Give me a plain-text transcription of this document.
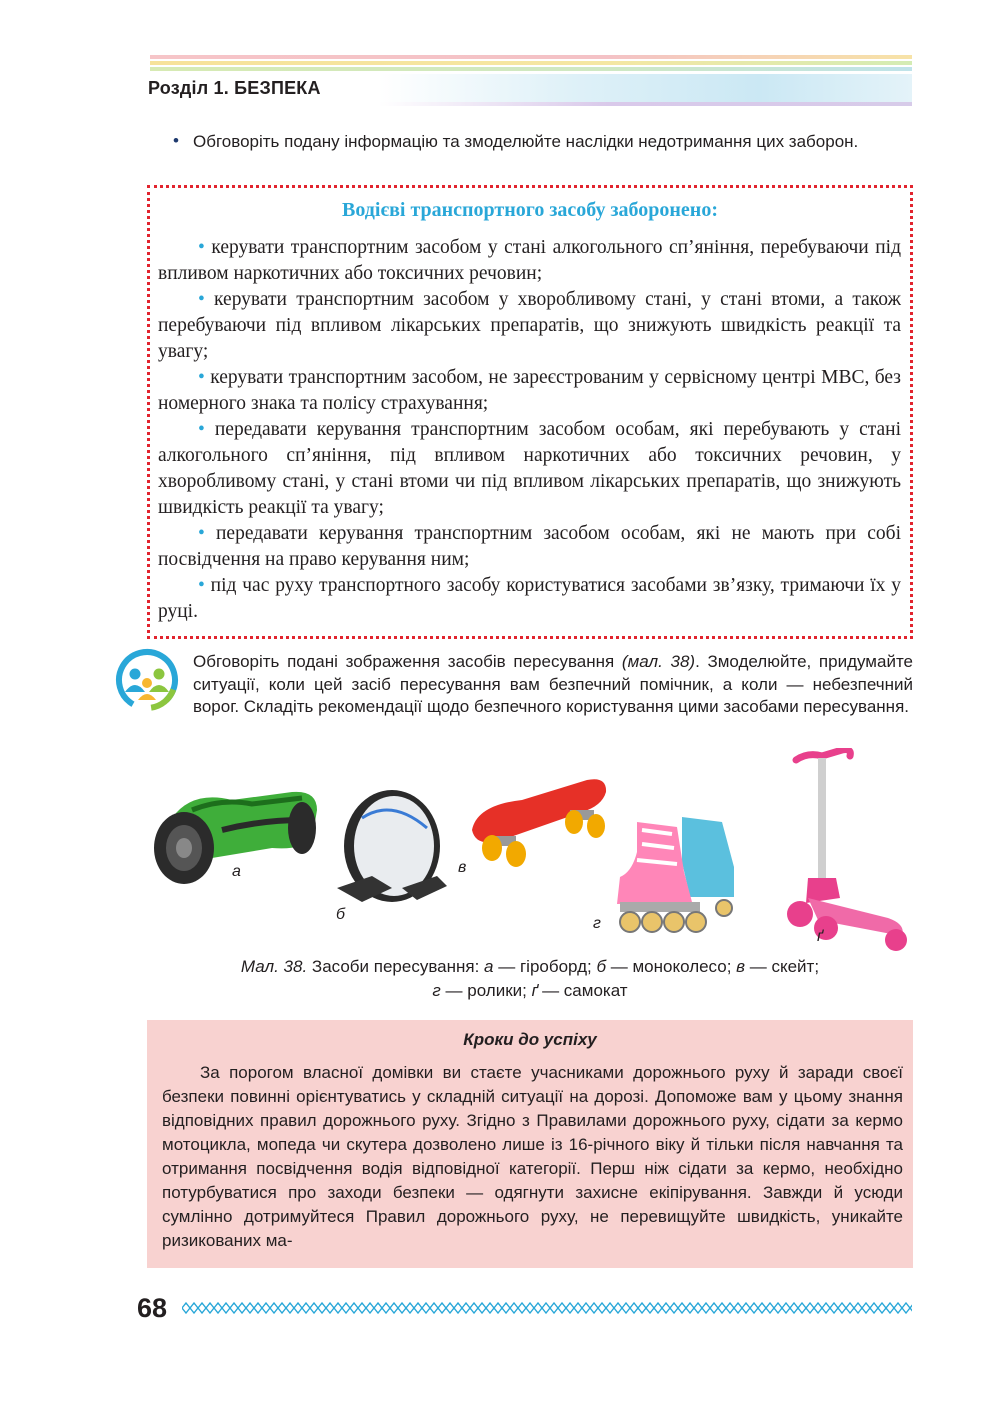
Розділ 1. БЕЗПЕКА
• Обговоріть подану інформацію та змоделюйте наслідки недотримання цих заборон.
Водієві транспортного засобу заборонено:

• керувати транспортним засобом у стані алкогольного сп’яніння, перебуваючи під впливом наркотичних або токсичних речовин;

• керувати транспортним засобом у хворобливому стані, у стані втоми, а також перебуваючи під впливом лікарських препаратів, що знижують швидкість реакції та увагу;

• керувати транспортним засобом, не зареєстрованим у сервісному центрі МВС, без номерного знака та полісу страхування;

• передавати керування транспортним засобом особам, які перебувають у стані алкогольного сп’яніння, під впливом наркотичних або токсичних речовин, у хворобливому стані, у стані втоми чи під впливом лікарських препаратів, що знижують швидкість реакції та увагу;

• передавати керування транспортним засобом особам, які не мають при собі посвідчення на право керування ним;

• під час руху транспортного засобу користуватися засобами зв’язку, тримаючи їх у руці.

Обговоріть подані зображення засобів пересування (мал. 38). Змоделюйте, придумайте ситуації, коли цей засіб пересування вам безпечний помічник, а коли — небезпечний ворог. Складіть рекомендації щодо безпечного користування цими засобами пересування.
а
б
в
г
ґ
Мал. 38. Засоби пересування: а — гіроборд; б — моноколесо; в — скейт;
г — ролики; ґ — самокат
Кроки до успіху
За порогом власної домівки ви стаєте учасниками дорожнього руху й заради своєї безпеки повинні орієнтуватись у складній ситуації на дорозі. Допоможе вам у цьому знання відповідних правил дорожнього руху. Згідно з Правилами дорожнього руху, сідати за кермо мотоцикла, мопеда чи скутера дозволено лише із 16-річного віку й тільки після навчання та отримання посвідчення водія відповідної категорії. Перш ніж сідати за кермо, необхідно потурбуватися про заходи безпеки — одягнути захисне екіпірування. Завжди й усюди сумлінно дотримуйтеся Правил дорожнього руху, не перевищуйте швидкість, уникайте ризикованих ма-
68
